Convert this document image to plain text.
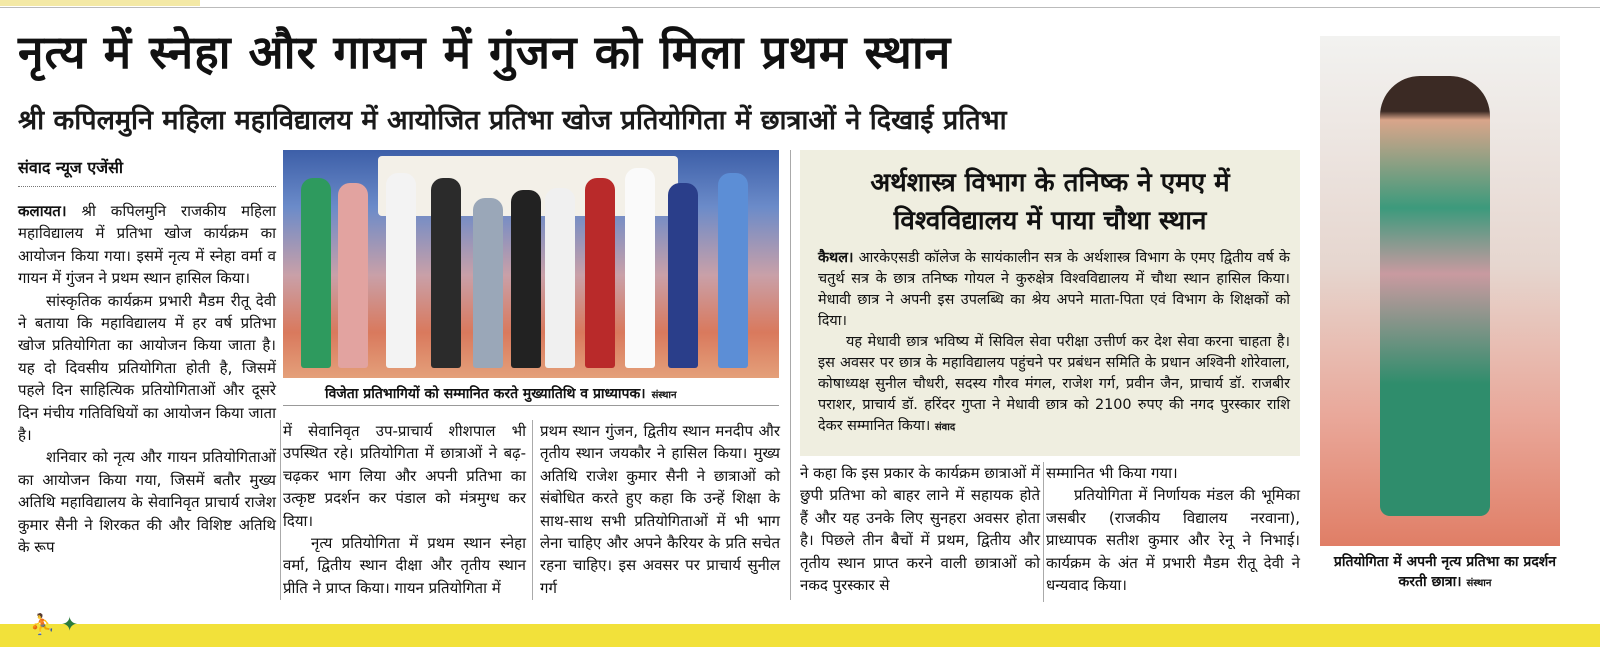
नृत्य में स्नेहा और गायन में गुंजन को मिला प्रथम स्थान
श्री कपिलमुनि महिला महाविद्यालय में आयोजित प्रतिभा खोज प्रतियोगिता में छात्राओं ने दिखाई प्रतिभा
संवाद न्यूज एजेंसी

कलायत। श्री कपिलमुनि राजकीय महिला महाविद्यालय में प्रतिभा खोज कार्यक्रम का आयोजन किया गया। इसमें नृत्य में स्नेहा वर्मा व गायन में गुंजन ने प्रथम स्थान हासिल किया।

सांस्कृतिक कार्यक्रम प्रभारी मैडम रीतू देवी ने बताया कि महाविद्यालय में हर वर्ष प्रतिभा खोज प्रतियोगिता का आयोजन किया जाता है। यह दो दिवसीय प्रतियोगिता होती है, जिसमें पहले दिन साहित्यिक प्रतियोगिताओं और दूसरे दिन मंचीय गतिविधियों का आयोजन किया जाता है।

शनिवार को नृत्य और गायन प्रतियोगिताओं का आयोजन किया गया, जिसमें बतौर मुख्य अतिथि महाविद्यालय के सेवानिवृत प्राचार्य राजेश कुमार सैनी ने शिरकत की और विशिष्ट अतिथि के रूप

विजेता प्रतिभागियों को सम्मानित करते मुख्यातिथि व प्राध्यापक। संस्थान

में सेवानिवृत उप-प्राचार्य शीशपाल भी उपस्थित रहे। प्रतियोगिता में छात्राओं ने बढ़-चढ़कर भाग लिया और अपनी प्रतिभा का उत्कृष्ट प्रदर्शन कर पंडाल को मंत्रमुग्ध कर दिया।

नृत्य प्रतियोगिता में प्रथम स्थान स्नेहा वर्मा, द्वितीय स्थान दीक्षा और तृतीय स्थान प्रीति ने प्राप्त किया। गायन प्रतियोगिता में

प्रथम स्थान गुंजन, द्वितीय स्थान मनदीप और तृतीय स्थान जयकौर ने हासिल किया। मुख्य अतिथि राजेश कुमार सैनी ने छात्राओं को संबोधित करते हुए कहा कि उन्हें शिक्षा के साथ-साथ सभी प्रतियोगिताओं में भी भाग लेना चाहिए और अपने कैरियर के प्रति सचेत रहना चाहिए। इस अवसर पर प्राचार्य सुनील गर्ग

अर्थशास्त्र विभाग के तनिष्क ने एमए में
विश्वविद्यालय में पाया चौथा स्थान

कैथल। आरकेएसडी कॉलेज के सायंकालीन सत्र के अर्थशास्त्र विभाग के एमए द्वितीय वर्ष के चतुर्थ सत्र के छात्र तनिष्क गोयल ने कुरुक्षेत्र विश्वविद्यालय में चौथा स्थान हासिल किया। मेधावी छात्र ने अपनी इस उपलब्धि का श्रेय अपने माता-पिता एवं विभाग के शिक्षकों को दिया।

यह मेधावी छात्र भविष्य में सिविल सेवा परीक्षा उत्तीर्ण कर देश सेवा करना चाहता है। इस अवसर पर छात्र के महाविद्यालय पहुंचने पर प्रबंधन समिति के प्रधान अश्विनी शोरेवाला, कोषाध्यक्ष सुनील चौधरी, सदस्य गौरव मंगल, राजेश गर्ग, प्रवीन जैन, प्राचार्य डॉ. राजबीर पराशर, प्राचार्य डॉ. हरिंदर गुप्ता ने मेधावी छात्र को 2100 रुपए की नगद पुरस्कार राशि देकर सम्मानित किया। संवाद

ने कहा कि इस प्रकार के कार्यक्रम छात्राओं में छुपी प्रतिभा को बाहर लाने में सहायक होते हैं और यह उनके लिए सुनहरा अवसर होता है। पिछले तीन बैचों में प्रथम, द्वितीय और तृतीय स्थान प्राप्त करने वाली छात्राओं को नकद पुरस्कार से

सम्मानित भी किया गया।

प्रतियोगिता में निर्णायक मंडल की भूमिका जसबीर (राजकीय विद्यालय नरवाना), प्राध्यापक सतीश कुमार और रेनू ने निभाई। कार्यक्रम के अंत में प्रभारी मैडम रीतू देवी ने धन्यवाद किया।

प्रतियोगिता में अपनी नृत्य प्रतिभा का प्रदर्शन करती छात्रा। संस्थान
⛹ ✦
